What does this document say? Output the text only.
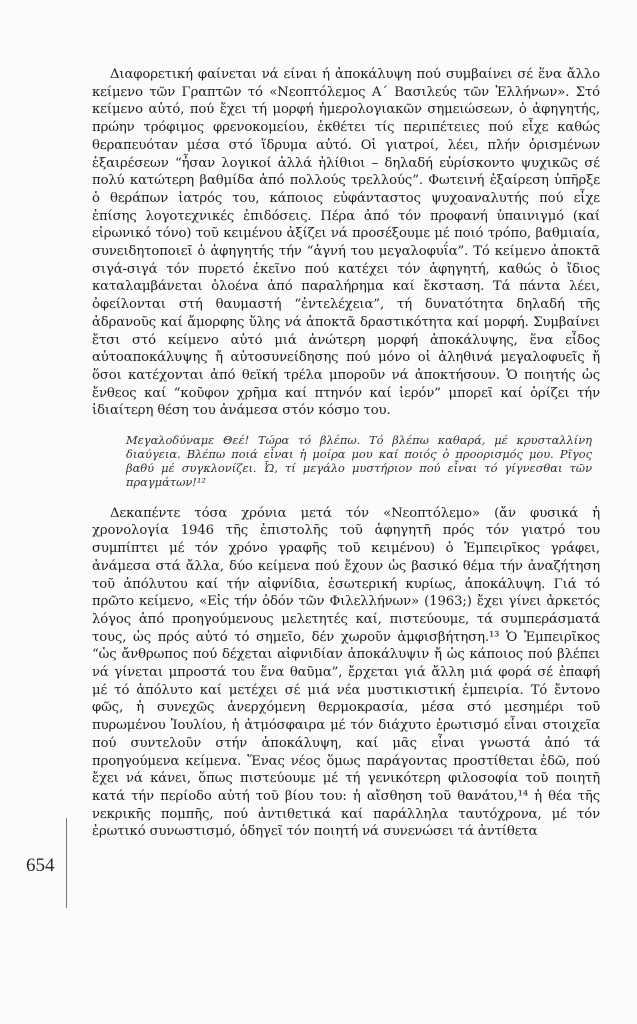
654

Διαφορετική φαίνεται νά είναι ή ἀποκάλυψη πού συμβαίνει σέ ἕνα ἄλλο κείμενο τῶν Γραπτῶν τό «Νεοπτόλεμος Α΄ Βασιλεύς τῶν Ἑλλήνων». Στό κείμενο αὐτό, πού ἔχει τή μορφή ἡμερολογιακῶν σημειώσεων, ὁ ἀφηγητής, πρώην τρόφιμος φρενοκομείου, ἐκθέτει τίς περιπέτειες πού εἶχε καθώς θεραπευόταν μέσα στό ἵδρυμα αὐτό. Οἱ γιατροί, λέει, πλήν ὁρισμένων ἐξαιρέσεων “ἦσαν λογικοί ἀλλά ἠλίθιοι – δηλαδή εὑρίσκοντο ψυχικῶς σέ πολύ κατώτερη βαθμίδα ἀπό πολλούς τρελλούς”. Φωτεινή ἐξαίρεση ὑπῆρξε ὁ θεράπων ἰατρός του, κάποιος εὐφάνταστος ψυχοαναλυτής πού εἶχε ἐπίσης λογοτεχνικές ἐπιδόσεις. Πέρα ἀπό τόν προφανή ὑπαινιγμό (καί εἰρωνικό τόνο) τοῦ κειμένου ἀξίζει νά προσέξουμε μέ ποιό τρόπο, βαθμιαία, συνειδητοποιεῖ ὁ ἀφηγητής τήν “ἁγνή του μεγαλοφυΐα”. Τό κείμενο ἀποκτᾶ σιγά-σιγά τόν πυρετό ἐκεῖνο πού κατέχει τόν ἀφηγητή, καθώς ὁ ἴδιος καταλαμβάνεται ὁλοένα ἀπό παραλήρημα καί ἔκσταση. Τά πάντα λέει, ὀφείλονται στή θαυμαστή “ἐντελέχεια”, τή δυνατότητα δηλαδή τῆς ἀδρανοῦς καί ἄμορφης ὕλης νά ἀποκτᾶ δραστικότητα καί μορφή. Συμβαίνει ἔτσι στό κείμενο αὐτό μιά ἀνώτερη μορφή ἀποκάλυψης, ἕνα εἶδος αὐτοαποκάλυψης ἤ αὐτοσυνείδησης πού μόνο οἱ ἀληθινά μεγαλοφυεῖς ἤ ὅσοι κατέχονται ἀπό θεϊκή τρέλα μποροῦν νά ἀποκτήσουν. Ὁ ποιητής ὡς ἔνθεος καί “κοῦφον χρῆμα καί πτηνόν καί ἱερόν” μπορεῖ καί ὁρίζει τήν ἰδιαίτερη θέση του ἀνάμεσα στόν κόσμο του.

Μεγαλοδύναμε Θεέ! Τώρα τό βλέπω. Τό βλέπω καθαρά, μέ κρυσταλλίνη διαύγεια. Βλέπω ποιά εἶναι ἡ μοίρα μου καί ποιός ὁ προορισμός μου. Ρῖγος βαθύ μέ συγκλονίζει. Ὦ, τί μεγάλο μυστήριον πού εἶναι τό γίγνεσθαι τῶν πραγμάτων!¹²

Δεκαπέντε τόσα χρόνια μετά τόν «Νεοπτόλεμο» (ἄν φυσικά ἡ χρονολογία 1946 τῆς ἐπιστολῆς τοῦ ἀφηγητῆ πρός τόν γιατρό του συμπίπτει μέ τόν χρόνο γραφῆς τοῦ κειμένου) ὁ Ἐμπειρῖκος γράφει, ἀνάμεσα στά ἄλλα, δύο κείμενα πού ἔχουν ὡς βασικό θέμα τήν ἀναζήτηση τοῦ ἀπόλυτου καί τήν αἰφνίδια, ἐσωτερική κυρίως, ἀποκάλυψη. Γιά τό πρῶτο κείμενο, «Εἰς τήν ὁδόν τῶν Φιλελλήνων» (1963;) ἔχει γίνει ἀρκετός λόγος ἀπό προηγούμενους μελετητές καί, πιστεύουμε, τά συμπεράσματά τους, ὡς πρός αὐτό τό σημεῖο, δέν χωροῦν ἀμφισβήτηση.¹³ Ὁ Ἐμπειρῖκος “ὡς ἄνθρωπος πού δέχεται αἰφνιδίαν ἀποκάλυψιν ἤ ὡς κάποιος πού βλέπει νά γίνεται μπροστά του ἕνα θαῦμα”, ἔρχεται γιά ἄλλη μιά φορά σέ ἐπαφή μέ τό ἀπόλυτο καί μετέχει σέ μιά νέα μυστικιστική ἐμπειρία. Τό ἔντονο φῶς, ἡ συνεχῶς ἀνερχόμενη θερμοκρασία, μέσα στό μεσημέρι τοῦ πυρωμένου Ἰουλίου, ἡ ἀτμόσφαιρα μέ τόν διάχυτο ἐρωτισμό εἶναι στοιχεῖα πού συντελοῦν στήν ἀποκάλυψη, καί μᾶς εἶναι γνωστά ἀπό τά προηγούμενα κείμενα. Ἕνας νέος ὅμως παράγοντας προστίθεται ἐδῶ, πού ἔχει νά κάνει, ὅπως πιστεύουμε μέ τή γενικότερη φιλοσοφία τοῦ ποιητῆ κατά τήν περίοδο αὐτή τοῦ βίου του: ἡ αἴσθηση τοῦ θανάτου,¹⁴ ἡ θέα τῆς νεκρικῆς πομπῆς, πού ἀντιθετικά καί παράλληλα ταυτόχρονα, μέ τόν ἐρωτικό συνωστισμό, ὁδηγεῖ τόν ποιητή νά συνενώσει τά ἀντίθετα
